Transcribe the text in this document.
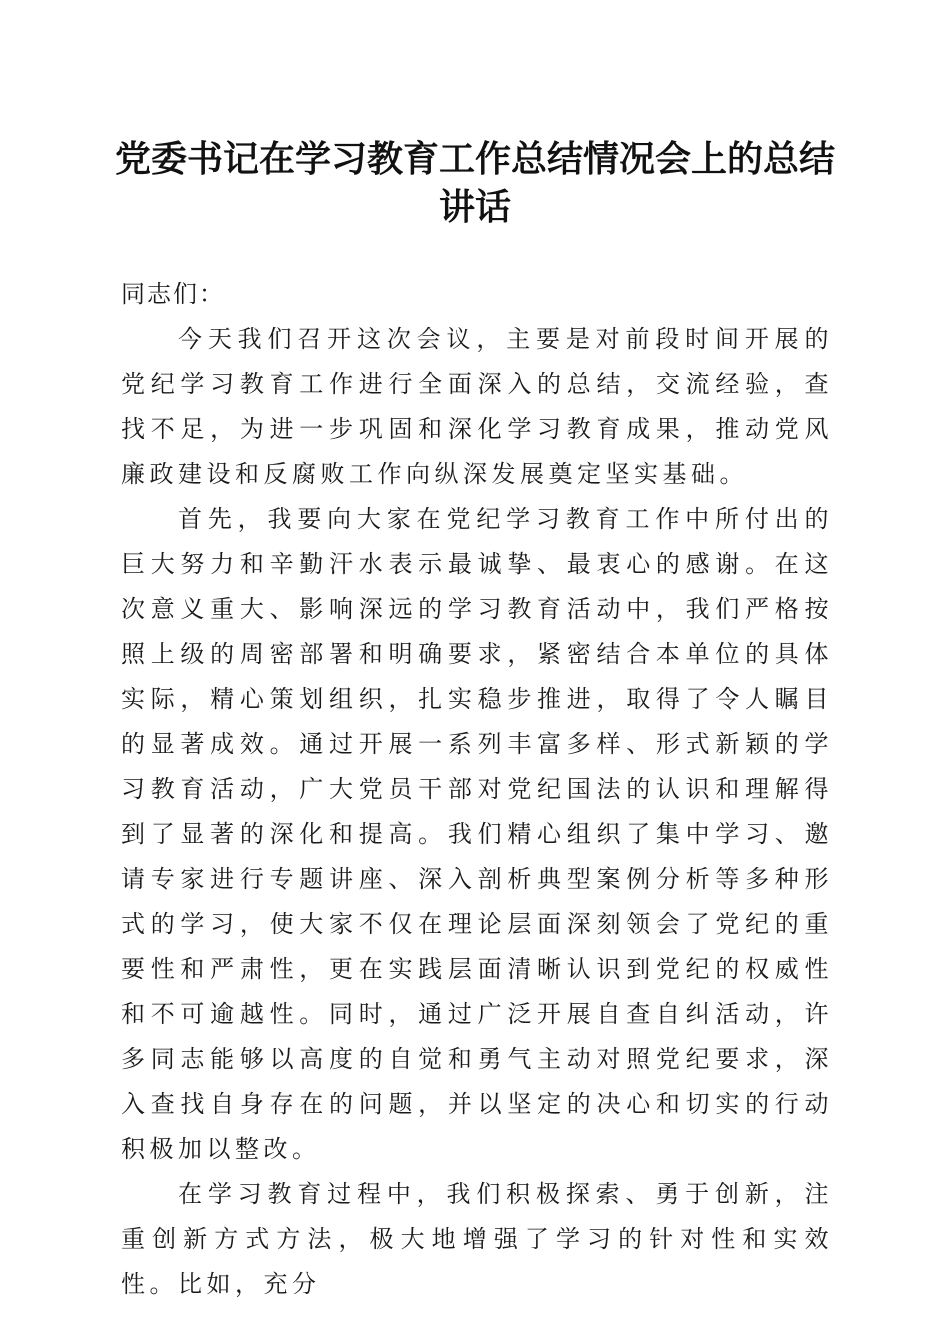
党委书记在学习教育工作总结情况会上的总结讲话

同志们：

今天我们召开这次会议，主要是对前段时间开展的党纪学习教育工作进行全面深入的总结，交流经验，查找不足，为进一步巩固和深化学习教育成果，推动党风廉政建设和反腐败工作向纵深发展奠定坚实基础。

首先，我要向大家在党纪学习教育工作中所付出的巨大努力和辛勤汗水表示最诚挚、最衷心的感谢。在这次意义重大、影响深远的学习教育活动中，我们严格按照上级的周密部署和明确要求，紧密结合本单位的具体实际，精心策划组织，扎实稳步推进，取得了令人瞩目的显著成效。通过开展一系列丰富多样、形式新颖的学习教育活动，广大党员干部对党纪国法的认识和理解得到了显著的深化和提高。我们精心组织了集中学习、邀请专家进行专题讲座、深入剖析典型案例分析等多种形式的学习，使大家不仅在理论层面深刻领会了党纪的重要性和严肃性，更在实践层面清晰认识到党纪的权威性和不可逾越性。同时，通过广泛开展自查自纠活动，许多同志能够以高度的自觉和勇气主动对照党纪要求，深入查找自身存在的问题，并以坚定的决心和切实的行动积极加以整改。

在学习教育过程中，我们积极探索、勇于创新，注重创新方式方法，极大地增强了学习的针对性和实效性。比如，充分
